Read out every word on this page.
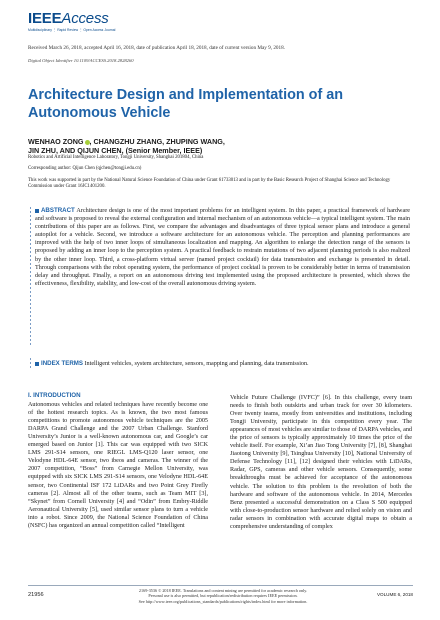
IEEEAccess
Multidisciplinary ⋮ Rapid Review ⋮ Open Access Journal
Received March 26, 2018, accepted April 16, 2018, date of publication April 18, 2018, date of current version May 9, 2018.
Digital Object Identifier 10.1109/ACCESS.2018.2828260
Architecture Design and Implementation of an Autonomous Vehicle
WENHAO ZONG , CHANGZHU ZHANG, ZHUPING WANG,
JIN ZHU, AND QIJUN CHEN, (Senior Member, IEEE)
Robotics and Artificial Intelligence Laboratory, Tongji University, Shanghai 201804, China
Corresponding author: Qijun Chen (qjchen@tongji.edu.cn)
This work was supported in part by the National Natural Science Foundation of China under Grant 61733013 and in part by the Basic Research Project of Shanghai Science and Technology Commission under Grant 16JC1401200.
ABSTRACT Architecture design is one of the most important problems for an intelligent system. In this paper, a practical framework of hardware and software is proposed to reveal the external configuration and internal mechanism of an autonomous vehicle—a typical intelligent system. The main contributions of this paper are as follows. First, we compare the advantages and disadvantages of three typical sensor plans and introduce a general autopilot for a vehicle. Second, we introduce a software architecture for an autonomous vehicle. The perception and planning performances are improved with the help of two inner loops of simultaneous localization and mapping. An algorithm to enlarge the detection range of the sensors is proposed by adding an inner loop to the perception system. A practical feedback to restrain mutations of two adjacent planning periods is also realized by the other inner loop. Third, a cross-platform virtual server (named project cocktail) for data transmission and exchange is presented in detail. Through comparisons with the robot operating system, the performance of project cocktail is proven to be considerably better in terms of transmission delay and throughput. Finally, a report on an autonomous driving test implemented using the proposed architecture is presented, which shows the effectiveness, flexibility, stability, and low-cost of the overall autonomous driving system.
INDEX TERMS Intelligent vehicles, system architecture, sensors, mapping and planning, data transmission.
I. INTRODUCTION
Autonomous vehicles and related techniques have recently become one of the hottest research topics. As is known, the two most famous competitions to promote autonomous vehicle techniques are the 2005 DARPA Grand Challenge and the 2007 Urban Challenge. Stanford University’s Junior is a well-known autonomous car, and Google’s car emerged based on Junior [1]. This car was equipped with two SICK LMS 291-S14 sensors, one RIEGL LMS-Q120 laser sensor, one Velodyne HDL-64E sensor, two ibeos and cameras. The winner of the 2007 competition, “Boss” from Carnegie Mellon University, was equipped with six SICK LMS 291-S14 sensors, one Velodyne HDL-64E sensor, two Continental ISF 172 LiDARs and two Point Grey Firefly cameras [2]. Almost all of the other teams, such as Team MIT [3], “Skynet” from Cornell University [4] and “Odin” from Embry-Riddle Aeronautical University [5], used similar sensor plans to turn a vehicle into a robot. Since 2009, the National Science Foundation of China (NSFC) has organized an annual competition called “Intelligent
Vehicle Future Challenge (IVFC)” [6]. In this challenge, every team needs to finish both outskirts and urban track for over 30 kilometers. Over twenty teams, mostly from universities and institutions, including Tongji University, participate in this competition every year. The appearances of most vehicles are similar to those of DARPA vehicles, and the price of sensors is typically approximately 10 times the price of the vehicle itself. For example, Xi’an Jiao Tong University [7], [8], Shanghai Jiaotong University [9], Tsinghua University [10], National University of Defense Technology [11], [12] designed their vehicles with LiDARs, Radar, GPS, cameras and other vehicle sensors. Consequently, some breakthroughs must be achieved for acceptance of the autonomous vehicle. The solution to this problem is the revolution of both the hardware and software of the autonomous vehicle. In 2014, Mercedes Benz presented a successful demonstration on a Class S 500 equipped with close-to-production sensor hardware and relied solely on vision and radar sensors in combination with accurate digital maps to obtain a comprehensive understanding of complex
21956
2169-3536 © 2018 IEEE. Translations and content mining are permitted for academic research only.
Personal use is also permitted, but republication/redistribution requires IEEE permission.
See http://www.ieee.org/publications_standards/publications/rights/index.html for more information.
VOLUME 6, 2018
